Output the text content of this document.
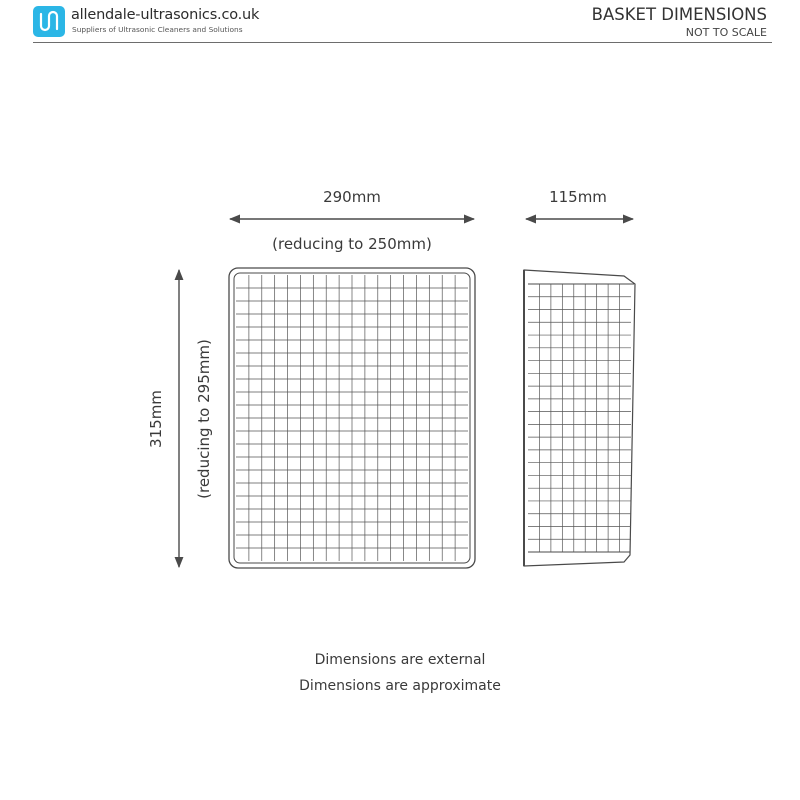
allendale-ultrasonics.co.uk
Suppliers of Ultrasonic Cleaners and Solutions
BASKET DIMENSIONS
NOT TO SCALE
290mm
(reducing to 250mm)
115mm
315mm (reducing to 295mm)
Dimensions are external
Dimensions are approximate
